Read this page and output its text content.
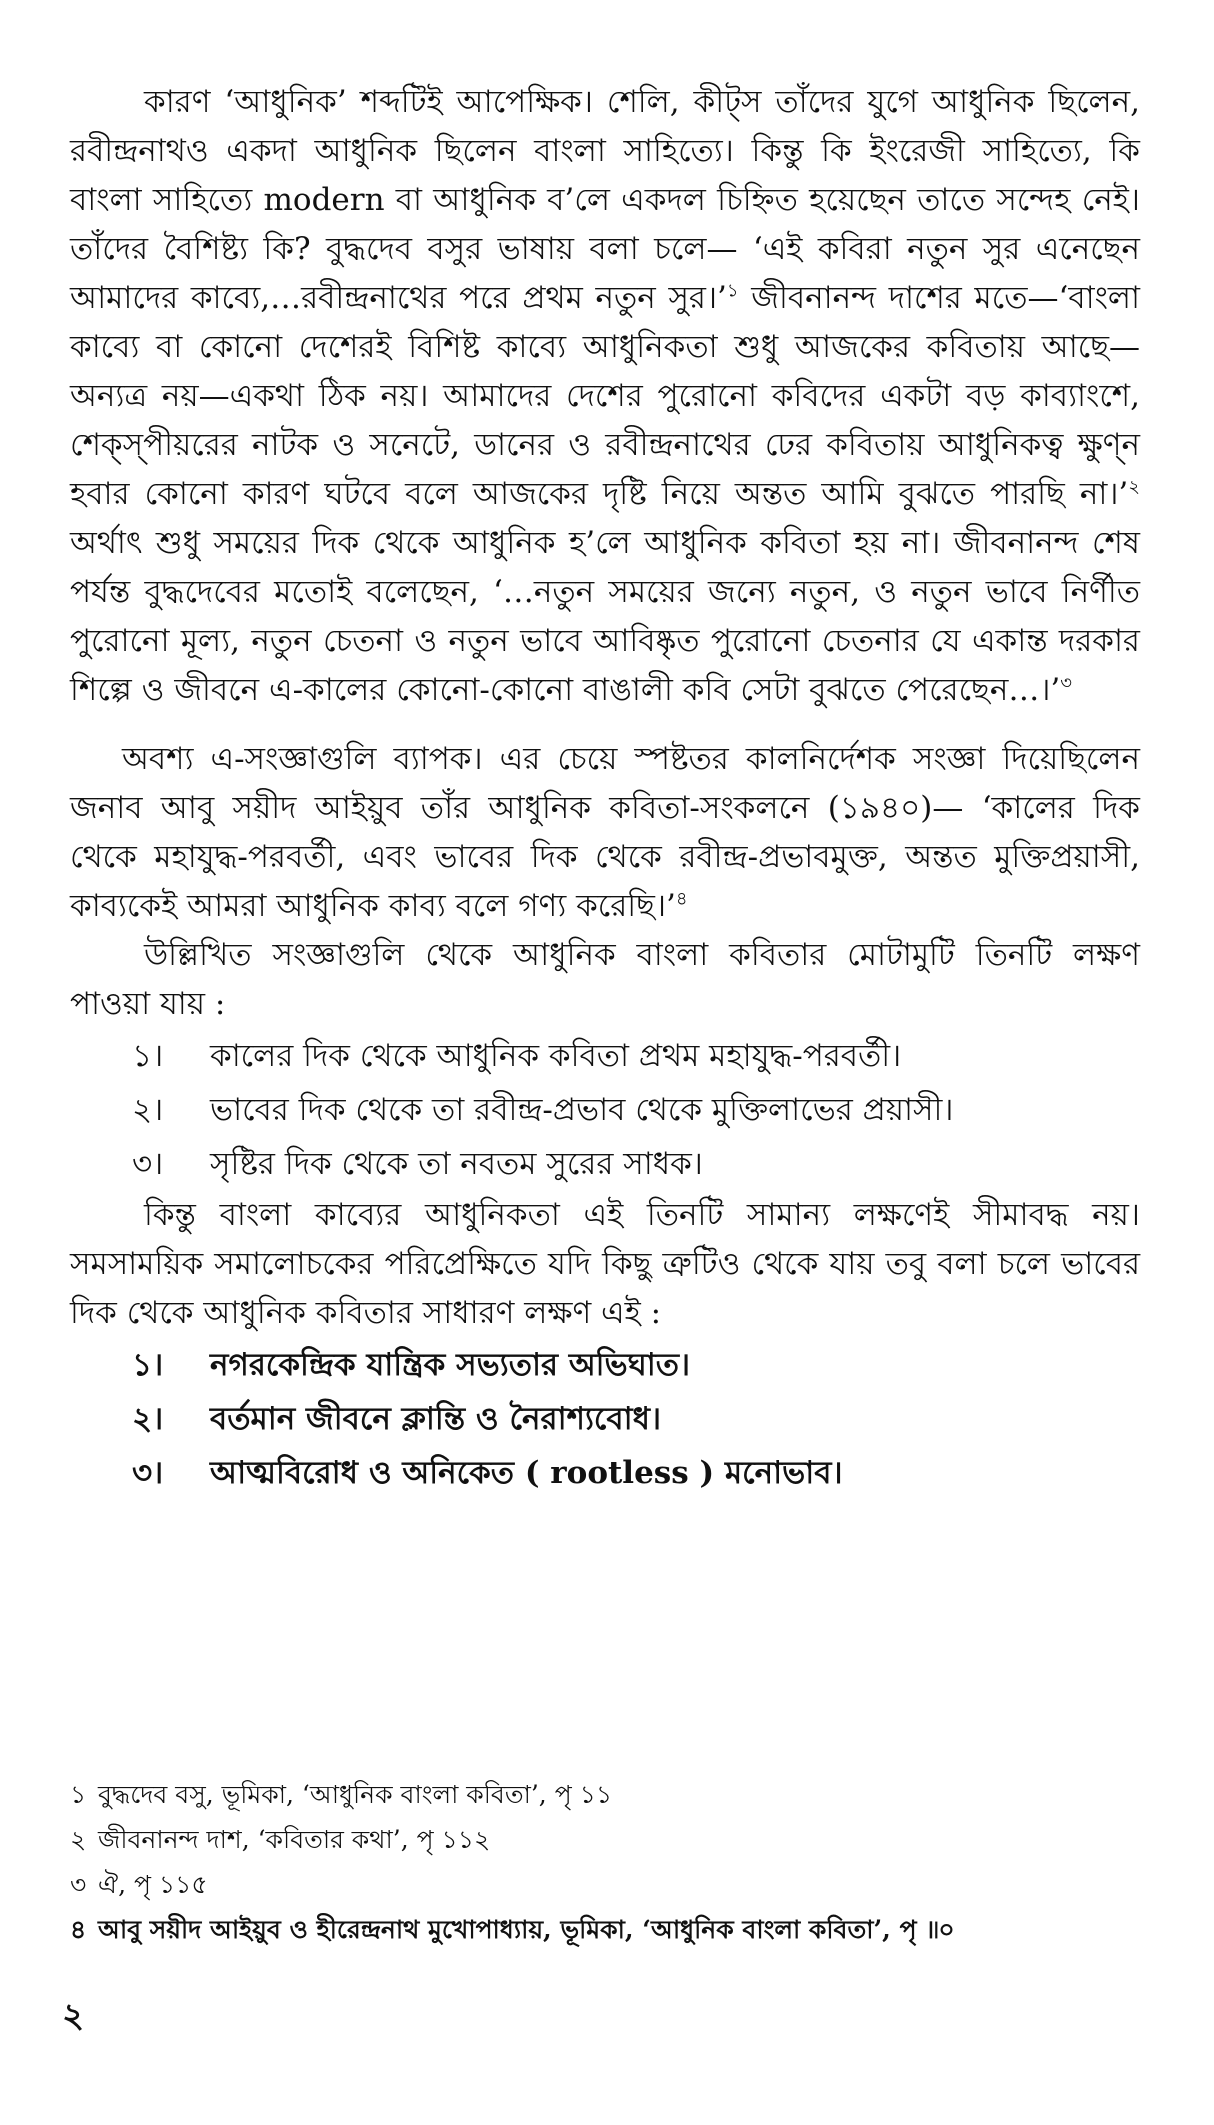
কারণ ‘আধুনিক’ শব্দটিই আপেক্ষিক। শেলি, কীট্‌স তাঁদের যুগে আধুনিক ছিলেন, রবীন্দ্রনাথও একদা আধুনিক ছিলেন বাংলা সাহিত্যে। কিন্তু কি ইংরেজী সাহিত্যে, কি বাংলা সাহিত্যে modern বা আধুনিক ব’লে একদল চিহ্নিত হয়েছেন তাতে সন্দেহ নেই। তাঁদের বৈশিষ্ট্য কি? বুদ্ধদেব বসুর ভাষায় বলা চলে— ‘এই কবিরা নতুন সুর এনেছেন আমাদের কাব্যে,…রবীন্দ্রনাথের পরে প্রথম নতুন সুর।’$^১$ জীবনানন্দ দাশের মতে—‘বাংলা কাব্যে বা কোনো দেশেরই বিশিষ্ট কাব্যে আধুনিকতা শুধু আজকের কবিতায় আছে—অন্যত্র নয়—একথা ঠিক নয়। আমাদের দেশের পুরোনো কবিদের একটা বড় কাব্যাংশে, শেক্‌স্‌পীয়রের নাটক ও সনেটে, ডানের ও রবীন্দ্রনাথের ঢের কবিতায় আধুনিকত্ব ক্ষুণ্ন হবার কোনো কারণ ঘটবে বলে আজকের দৃষ্টি নিয়ে অন্তত আমি বুঝতে পারছি না।’$^২$ অর্থাৎ শুধু সময়ের দিক থেকে আধুনিক হ’লে আধুনিক কবিতা হয় না। জীবনানন্দ শেষ পর্যন্ত বুদ্ধদেবের মতোই বলেছেন, ‘…নতুন সময়ের জন্যে নতুন, ও নতুন ভাবে নির্ণীত পুরোনো মূল্য, নতুন চেতনা ও নতুন ভাবে আবিষ্কৃত পুরোনো চেতনার যে একান্ত দরকার শিল্পে ও জীবনে এ-কালের কোনো-কোনো বাঙালী কবি সেটা বুঝতে পেরেছেন…।’$^৩$

অবশ্য এ-সংজ্ঞাগুলি ব্যাপক। এর চেয়ে স্পষ্টতর কালনির্দেশক সংজ্ঞা দিয়েছিলেন জনাব আবু সয়ীদ আইয়ুব তাঁর আধুনিক কবিতা-সংকলনে (১৯৪০)— ‘কালের দিক থেকে মহাযুদ্ধ-পরবর্তী, এবং ভাবের দিক থেকে রবীন্দ্র-প্রভাবমুক্ত, অন্তত মুক্তিপ্রয়াসী, কাব্যকেই আমরা আধুনিক কাব্য বলে গণ্য করেছি।’$^৪$

উল্লিখিত সংজ্ঞাগুলি থেকে আধুনিক বাংলা কবিতার মোটামুটি তিনটি লক্ষণ পাওয়া যায় :

১। কালের দিক থেকে আধুনিক কবিতা প্রথম মহাযুদ্ধ-পরবর্তী।
২। ভাবের দিক থেকে তা রবীন্দ্র-প্রভাব থেকে মুক্তিলাভের প্রয়াসী।
৩। সৃষ্টির দিক থেকে তা নবতম সুরের সাধক।

কিন্তু বাংলা কাব্যের আধুনিকতা এই তিনটি সামান্য লক্ষণেই সীমাবদ্ধ নয়। সমসাময়িক সমালোচকের পরিপ্রেক্ষিতে যদি কিছু ত্রুটিও থেকে যায় তবু বলা চলে ভাবের দিক থেকে আধুনিক কবিতার সাধারণ লক্ষণ এই :

১। নগরকেন্দ্রিক যান্ত্রিক সভ্যতার অভিঘাত।
২। বর্তমান জীবনে ক্লান্তি ও নৈরাশ্যবোধ।
৩। আত্মবিরোধ ও অনিকেত ( rootless ) মনোভাব।
১ বুদ্ধদেব বসু, ভূমিকা, ‘আধুনিক বাংলা কবিতা’, পৃ ১১
২ জীবনানন্দ দাশ, ‘কবিতার কথা’, পৃ ১১২
৩ ঐ, পৃ ১১৫
৪ আবু সয়ীদ আইয়ুব ও হীরেন্দ্রনাথ মুখোপাধ্যায়, ভূমিকা, ‘আধুনিক বাংলা কবিতা’, পৃ ।৷০
২
